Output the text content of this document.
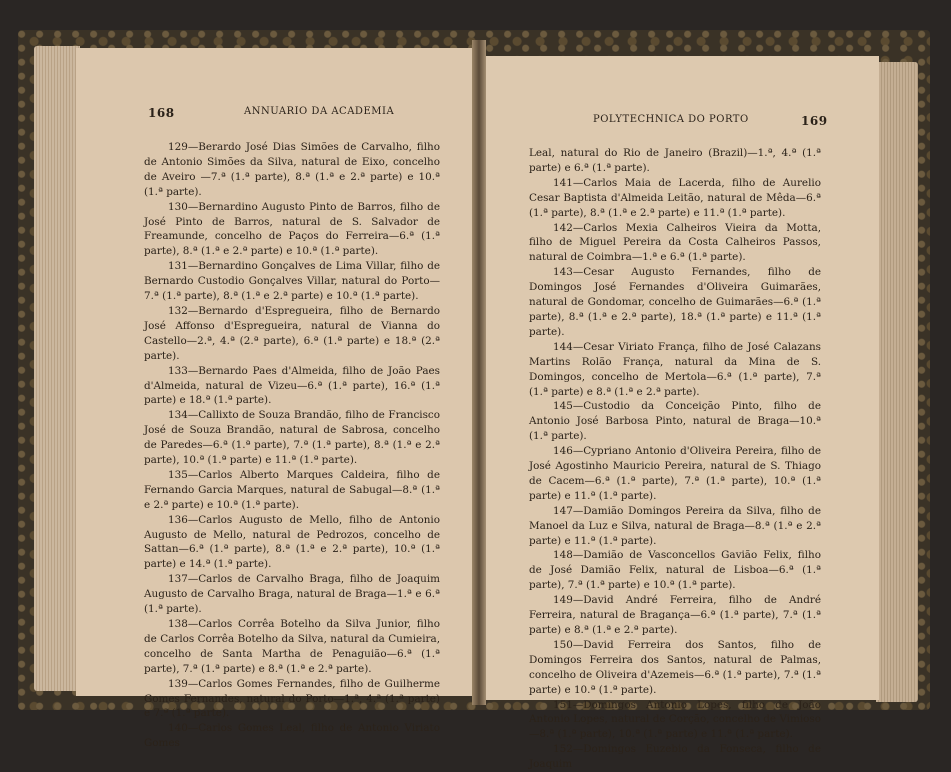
168	ANNUARIO DA ACADEMIA

129—Berardo José Dias Simões de Carvalho, filho de Antonio Simões da Silva, natural de Eixo, concelho de Aveiro —7.ª (1.ª parte), 8.ª (1.ª e 2.ª parte) e 10.ª (1.ª parte).

130—Bernardino Augusto Pinto de Barros, filho de José Pinto de Barros, natural de S. Salvador de Freamunde, concelho de Paços do Ferreira—6.ª (1.ª parte), 8.ª (1.ª e 2.ª parte) e 10.ª (1.ª parte).

131—Bernardino Gonçalves de Lima Villar, filho de Bernardo Custodio Gonçalves Villar, natural do Porto—7.ª (1.ª parte), 8.ª (1.ª e 2.ª parte) e 10.ª (1.ª parte).

132—Bernardo d'Espregueira, filho de Bernardo José Affonso d'Espregueira, natural de Vianna do Castello—2.ª, 4.ª (2.ª parte), 6.ª (1.ª parte) e 18.ª (2.ª parte).

133—Bernardo Paes d'Almeida, filho de João Paes d'Almeida, natural de Vizeu—6.ª (1.ª parte), 16.ª (1.ª parte) e 18.ª (1.ª parte).

134—Callixto de Souza Brandão, filho de Francisco José de Souza Brandão, natural de Sabrosa, concelho de Paredes—6.ª (1.ª parte), 7.ª (1.ª parte), 8.ª (1.ª e 2.ª parte), 10.ª (1.ª parte) e 11.ª (1.ª parte).

135—Carlos Alberto Marques Caldeira, filho de Fernando Garcia Marques, natural de Sabugal—8.ª (1.ª e 2.ª parte) e 10.ª (1.ª parte).

136—Carlos Augusto de Mello, filho de Antonio Augusto de Mello, natural de Pedrozos, concelho de Sattan—6.ª (1.ª parte), 8.ª (1.ª e 2.ª parte), 10.ª (1.ª parte) e 14.ª (1.ª parte).

137—Carlos de Carvalho Braga, filho de Joaquim Augusto de Carvalho Braga, natural de Braga—1.ª e 6.ª (1.ª parte).

138—Carlos Corrêa Botelho da Silva Junior, filho de Carlos Corrêa Botelho da Silva, natural da Cumieira, concelho de Santa Martha de Penaguião—6.ª (1.ª parte), 7.ª (1.ª parte) e 8.ª (1.ª e 2.ª parte).

139—Carlos Gomes Fernandes, filho de Guilherme Gomes Fernandes, natural do Porto—1.ª, 4.ª (1.ª parte) e 7.ª (1.ª parte).

140—Carlos Gomes Leal, filho de Antonio Viriato Gomes

POLYTECHNICA DO PORTO	169

Leal, natural do Rio de Janeiro (Brazil)—1.ª, 4.ª (1.ª parte) e 6.ª (1.ª parte).

141—Carlos Maia de Lacerda, filho de Aurelio Cesar Baptista d'Almeida Leitão, natural de Mêda—6.ª (1.ª parte), 8.ª (1.ª e 2.ª parte) e 11.ª (1.ª parte).

142—Carlos Mexia Calheiros Vieira da Motta, filho de Miguel Pereira da Costa Calheiros Passos, natural de Coimbra—1.ª e 6.ª (1.ª parte).

143—Cesar Augusto Fernandes, filho de Domingos José Fernandes d'Oliveira Guimarães, natural de Gondomar, concelho de Guimarães—6.ª (1.ª parte), 8.ª (1.ª e 2.ª parte), 18.ª (1.ª parte) e 11.ª (1.ª parte).

144—Cesar Viriato França, filho de José Calazans Martins Rolão França, natural da Mina de S. Domingos, concelho de Mertola—6.ª (1.ª parte), 7.ª (1.ª parte) e 8.ª (1.ª e 2.ª parte).

145—Custodio da Conceição Pinto, filho de Antonio José Barbosa Pinto, natural de Braga—10.ª (1.ª parte).

146—Cypriano Antonio d'Oliveira Pereira, filho de José Agostinho Mauricio Pereira, natural de S. Thiago de Cacem—6.ª (1.ª parte), 7.ª (1.ª parte), 10.ª (1.ª parte) e 11.ª (1.ª parte).

147—Damião Domingos Pereira da Silva, filho de Manoel da Luz e Silva, natural de Braga—8.ª (1.ª e 2.ª parte) e 11.ª (1.ª parte).

148—Damião de Vasconcellos Gavião Felix, filho de José Damião Felix, natural de Lisboa—6.ª (1.ª parte), 7.ª (1.ª parte) e 10.ª (1.ª parte).

149—David André Ferreira, filho de André Ferreira, natural de Bragança—6.ª (1.ª parte), 7.ª (1.ª parte) e 8.ª (1.ª e 2.ª parte).

150—David Ferreira dos Santos, filho de Domingos Ferreira dos Santos, natural de Palmas, concelho de Oliveira d'Azemeis—6.ª (1.ª parte), 7.ª (1.ª parte) e 10.ª (1.ª parte).

151—Domingos Antonio Lopes, filho de João Antonio Lopes, natural de Corção, concelho de Vimioso—8.ª (1.ª parte), 10.ª (1.ª parte) e 11.ª (1.ª parte).

152—Domingos Euzebio da Fonseca, filho de Joaquim
